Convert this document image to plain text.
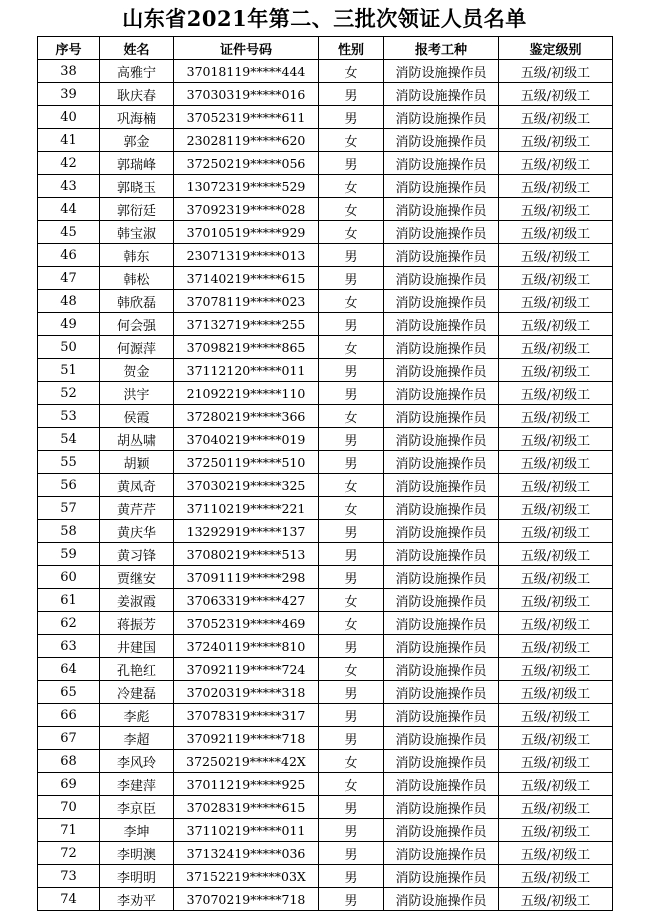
山东省2021年第二、三批次领证人员名单
序号	姓名	证件号码	性别	报考工种	鉴定级别
38	高雅宁	37018119*****444	女	消防设施操作员	五级/初级工
39	耿庆春	37030319*****016	男	消防设施操作员	五级/初级工
40	巩海楠	37052319*****611	男	消防设施操作员	五级/初级工
41	郭金	23028119*****620	女	消防设施操作员	五级/初级工
42	郭瑞峰	37250219*****056	男	消防设施操作员	五级/初级工
43	郭晓玉	13072319*****529	女	消防设施操作员	五级/初级工
44	郭衍廷	37092319*****028	女	消防设施操作员	五级/初级工
45	韩宝淑	37010519*****929	女	消防设施操作员	五级/初级工
46	韩东	23071319*****013	男	消防设施操作员	五级/初级工
47	韩松	37140219*****615	男	消防设施操作员	五级/初级工
48	韩欣磊	37078119*****023	女	消防设施操作员	五级/初级工
49	何会强	37132719*****255	男	消防设施操作员	五级/初级工
50	何源萍	37098219*****865	女	消防设施操作员	五级/初级工
51	贺金	37112120*****011	男	消防设施操作员	五级/初级工
52	洪宇	21092219*****110	男	消防设施操作员	五级/初级工
53	侯霞	37280219*****366	女	消防设施操作员	五级/初级工
54	胡丛啸	37040219*****019	男	消防设施操作员	五级/初级工
55	胡颖	37250119*****510	男	消防设施操作员	五级/初级工
56	黄凤奇	37030219*****325	女	消防设施操作员	五级/初级工
57	黄芹芹	37110219*****221	女	消防设施操作员	五级/初级工
58	黄庆华	13292919*****137	男	消防设施操作员	五级/初级工
59	黄习锋	37080219*****513	男	消防设施操作员	五级/初级工
60	贾继安	37091119*****298	男	消防设施操作员	五级/初级工
61	姜淑霞	37063319*****427	女	消防设施操作员	五级/初级工
62	蒋振芳	37052319*****469	女	消防设施操作员	五级/初级工
63	井建国	37240119*****810	男	消防设施操作员	五级/初级工
64	孔艳红	37092119*****724	女	消防设施操作员	五级/初级工
65	冷建磊	37020319*****318	男	消防设施操作员	五级/初级工
66	李彪	37078319*****317	男	消防设施操作员	五级/初级工
67	李超	37092119*****718	男	消防设施操作员	五级/初级工
68	李风玲	37250219*****42X	女	消防设施操作员	五级/初级工
69	李建萍	37011219*****925	女	消防设施操作员	五级/初级工
70	李京臣	37028319*****615	男	消防设施操作员	五级/初级工
71	李坤	37110219*****011	男	消防设施操作员	五级/初级工
72	李明澳	37132419*****036	男	消防设施操作员	五级/初级工
73	李明明	37152219*****03X	男	消防设施操作员	五级/初级工
74	李劝平	37070219*****718	男	消防设施操作员	五级/初级工
